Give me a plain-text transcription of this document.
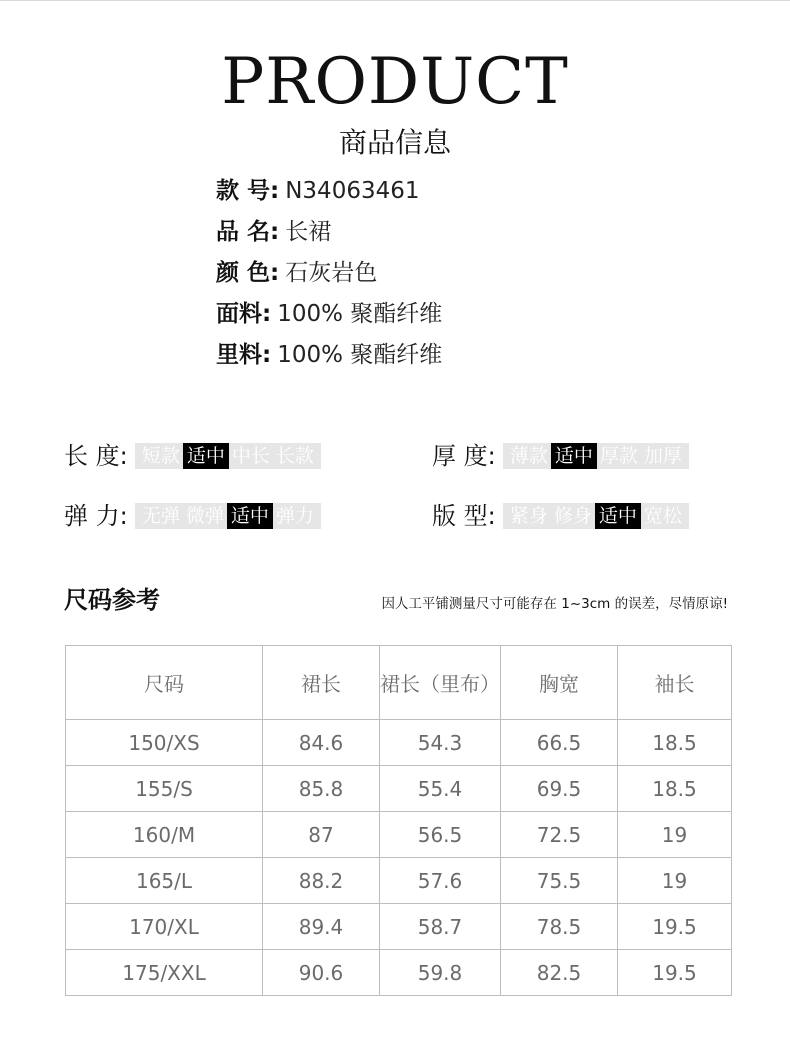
PRODUCT
商品信息
款 号: N34063461
品 名: 长裙
颜 色: 石灰岩色
面料: 100% 聚酯纤维
里料: 100% 聚酯纤维
长 度: 短款 适中 中长 长款	厚 度: 薄款 适中 厚款 加厚
弹 力: 无弹 微弹 适中 弹力	版 型: 紧身 修身 适中 宽松
尺码参考	因人工平铺测量尺寸可能存在 1~3cm 的误差，尽情原谅!
尺码	裙长	裙长（里布）	胸宽	袖长
150/XS	84.6	54.3	66.5	18.5
155/S	85.8	55.4	69.5	18.5
160/M	87	56.5	72.5	19
165/L	88.2	57.6	75.5	19
170/XL	89.4	58.7	78.5	19.5
175/XXL	90.6	59.8	82.5	19.5
